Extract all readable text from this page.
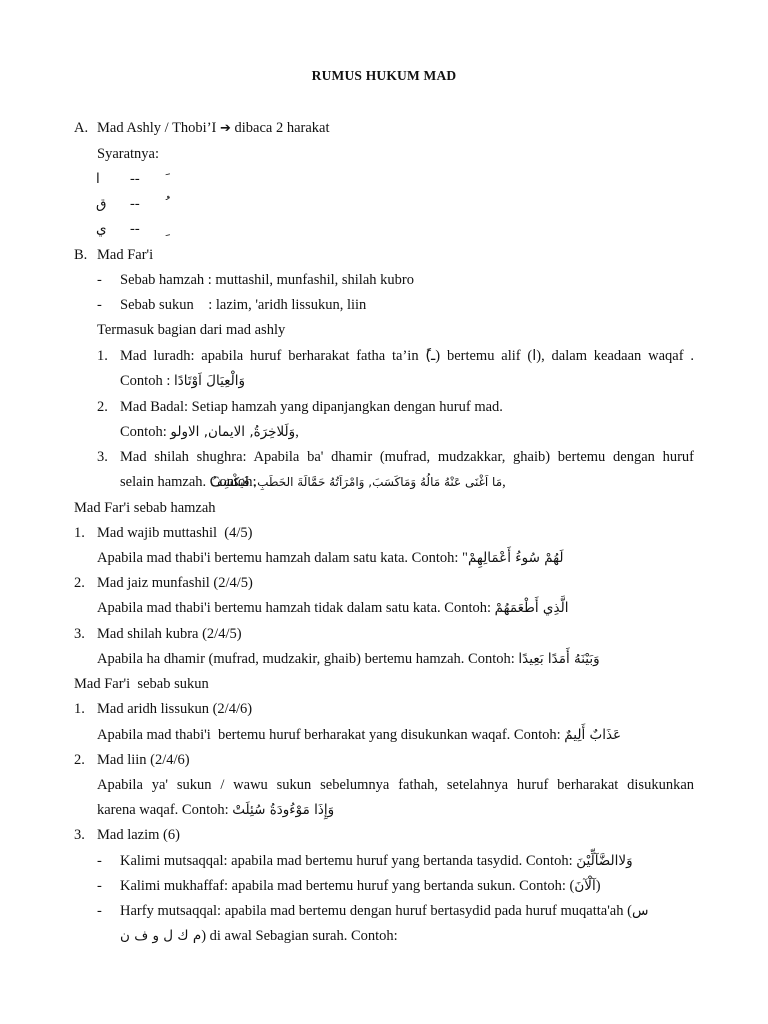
RUMUS HUKUM MAD
A. Mad Ashly / Thobi’I ➔ dibaca 2 harakat
Syaratnya:
ا -- َ
ق -- ُ
ي -- ِ
B. Mad Far'i
- Sebab hamzah : muttashil, munfashil, shilah kubro
- Sebab sukun    : lazim, 'aridh lissukun, liin
Termasuk bagian dari mad ashly
1. Mad luradh: apabila huruf berharakat fatha ta’in (ًـ) bertemu alif (ا), dalam keadaan waqaf .
Contoh : وَالْعِيَالَ اَوْتَادًا
2. Mad Badal: Setiap hamzah yang dipanjangkan dengan huruf mad.
Contoh: وَلَلاخِرَةُ, الايمان, الاولو,
3. Mad shilah shughra: Apabila ba' dhamir (mufrad, mudzakkar, ghaib) bertemu dengan huruf
selain hamzah. Contoh: مَا اَغْنَى عَنْهُ مَالُهُ وَمَاكَسَبَ, وَامْرَاَتُهُ حَمَّالَةَ الحَطَبِ, فَيَكْشِفُ,
Mad Far'i sebab hamzah
1. Mad wajib muttashil  (4/5)
Apabila mad thabi'i bertemu hamzah dalam satu kata. Contoh: "لَهُمْ سُوءُ أَعْمَالِهِمْ
2. Mad jaiz munfashil (2/4/5)
Apabila mad thabi'i bertemu hamzah tidak dalam satu kata. Contoh: الَّذِي أَطْعَمَهُمْ
3. Mad shilah kubra (2/4/5)
Apabila ha dhamir (mufrad, mudzakir, ghaib) bertemu hamzah. Contoh: وَبَيْنَهُ أَمَدًا بَعِيدًا
Mad Far'i  sebab sukun
1. Mad aridh lissukun (2/4/6)
Apabila mad thabi'i  bertemu huruf berharakat yang disukunkan waqaf. Contoh: عَذَابٌ أَلِيمٌ
2. Mad liin (2/4/6)
Apabila ya' sukun / wawu sukun sebelumnya fathah, setelahnya huruf berharakat disukunkan
karena waqaf. Contoh: وَإِذَا مَوْءُودَةُ سُئِلَتْ
3. Mad lazim (6)
- Kalimi mutsaqqal: apabila mad bertemu huruf yang bertanda tasydid. Contoh: وَلاالضَّآلِّيْنَ
- Kalimi mukhaffaf: apabila mad bertemu huruf yang bertanda sukun. Contoh: (آلْآنَ)
- Harfy mutsaqqal: apabila mad bertemu dengan huruf bertasydid pada huruf muqatta'ah (س
م ك ل و ف ن) di awal Sebagian surah. Contoh:
